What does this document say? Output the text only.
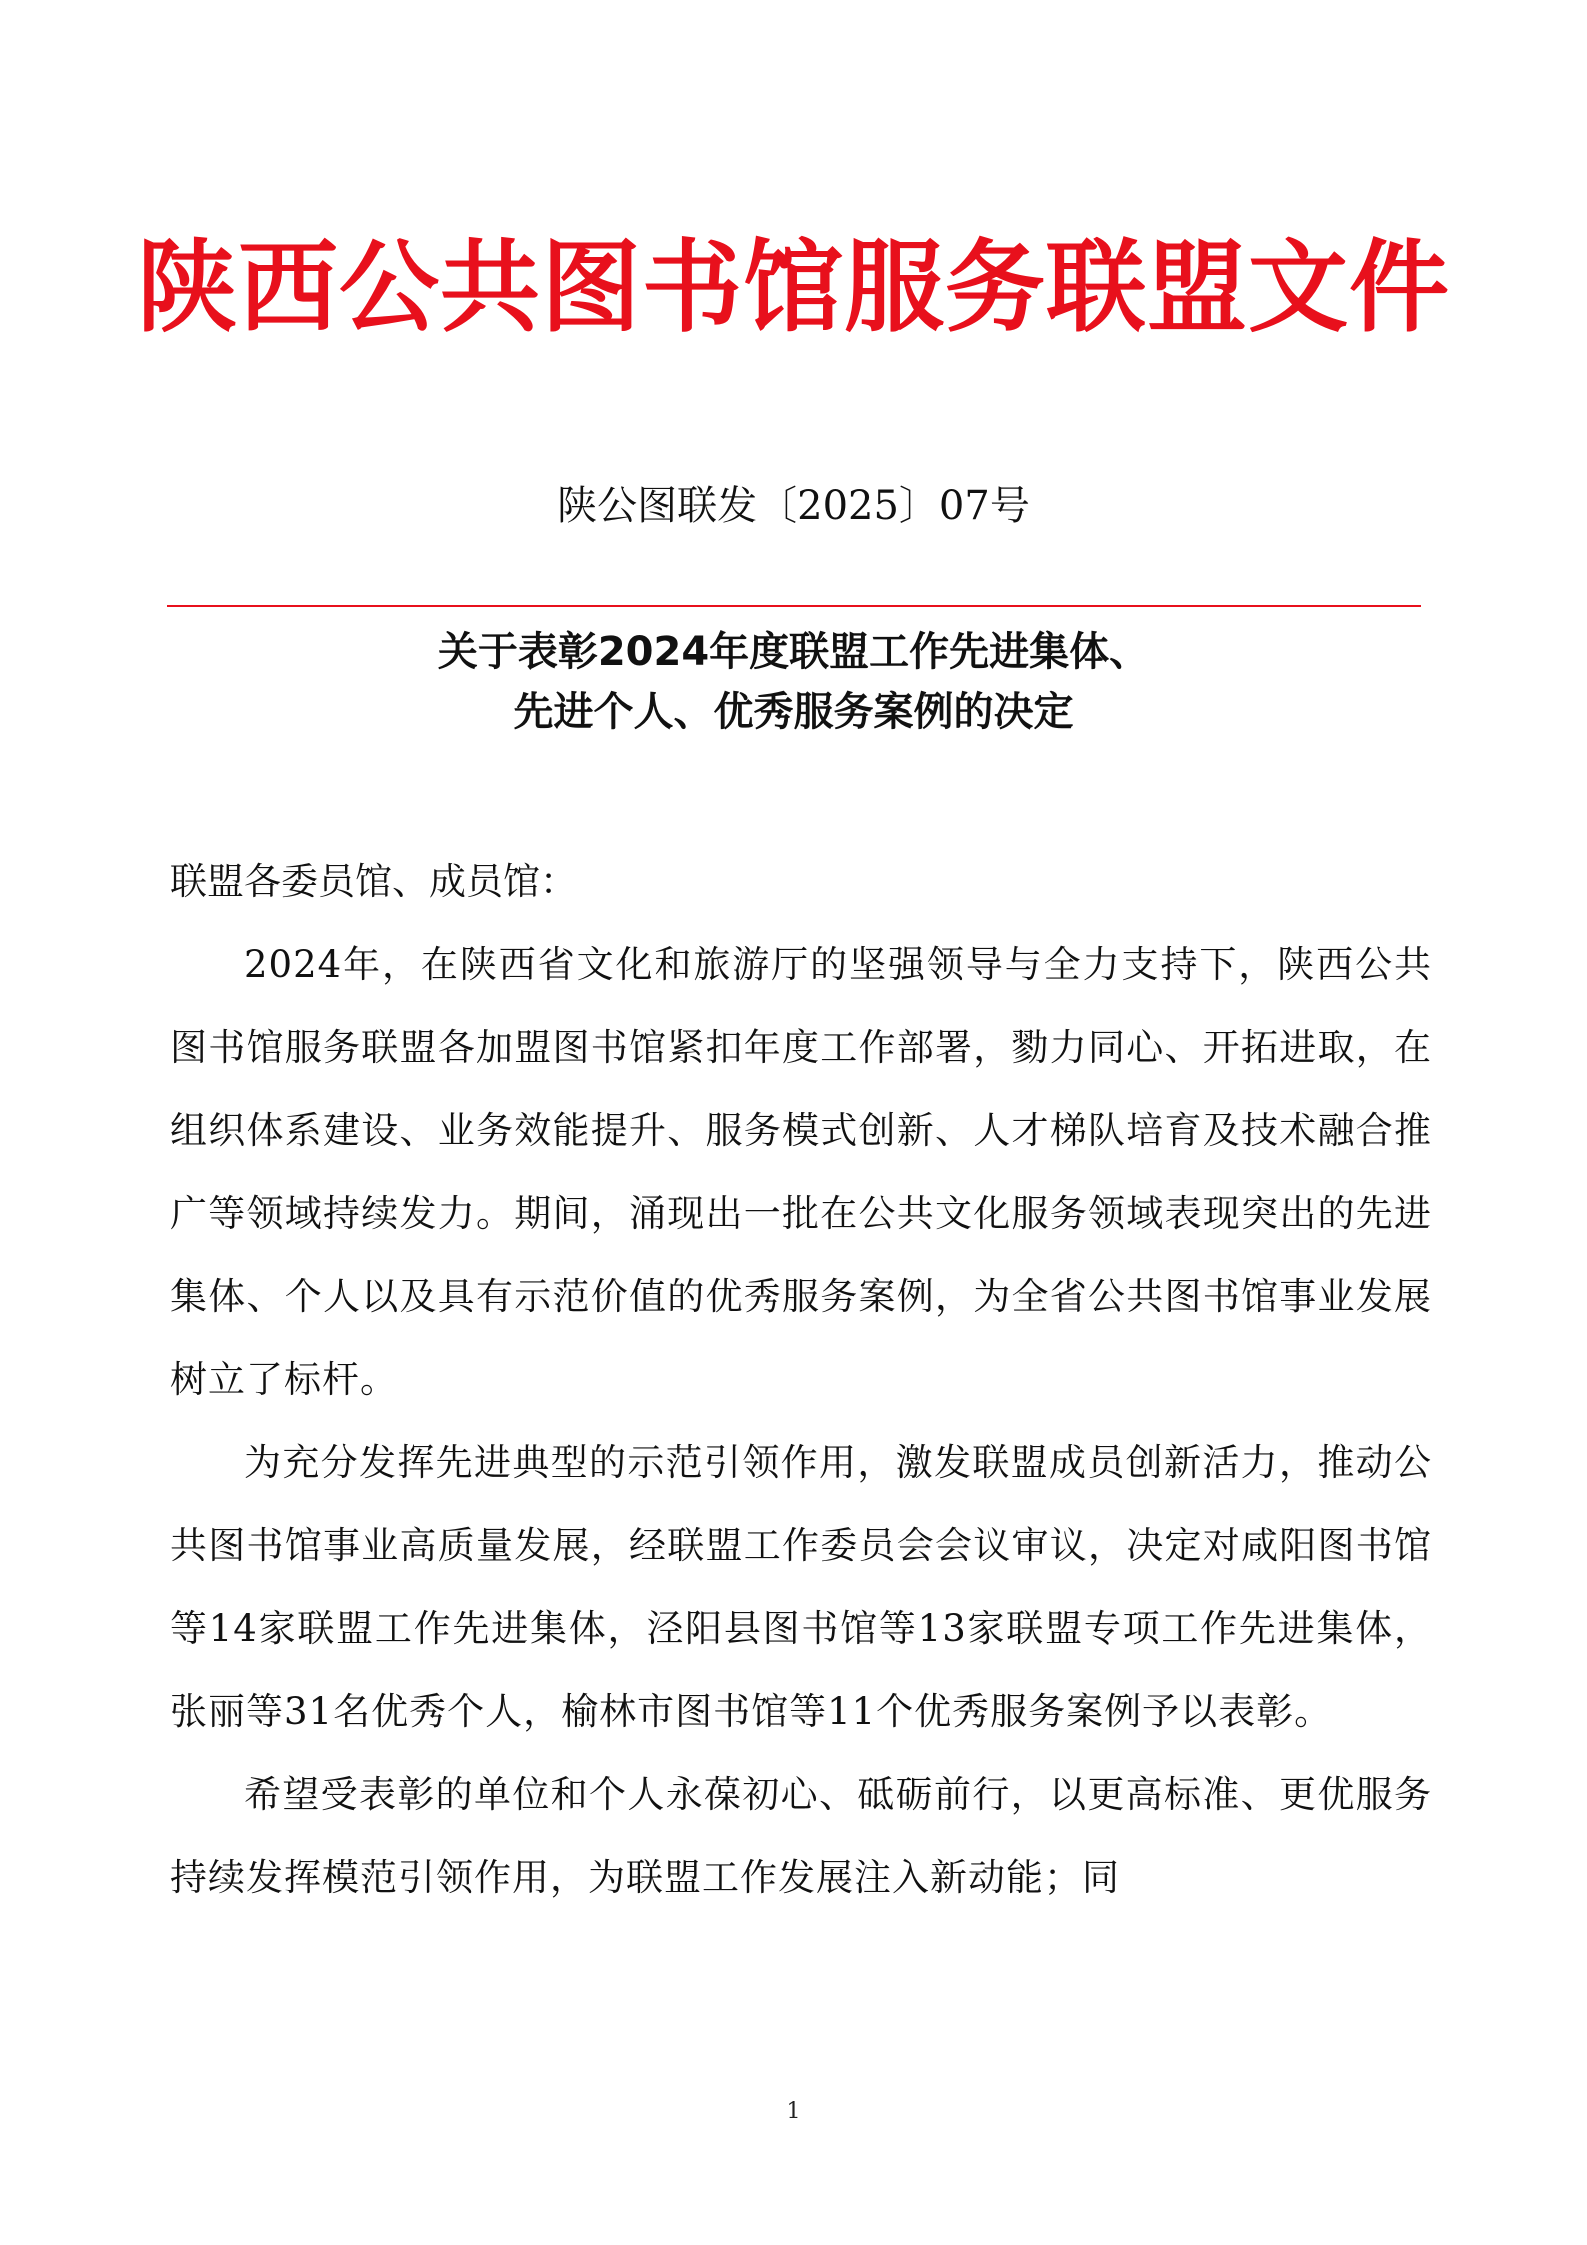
陕西公共图书馆服务联盟文件
陕公图联发〔2025〕07号
关于表彰2024年度联盟工作先进集体、
先进个人、优秀服务案例的决定

联盟各委员馆、成员馆：

2024年，在陕西省文化和旅游厅的坚强领导与全力支持下，陕西公共图书馆服务联盟各加盟图书馆紧扣年度工作部署，勠力同心、开拓进取，在组织体系建设、业务效能提升、服务模式创新、人才梯队培育及技术融合推广等领域持续发力。期间，涌现出一批在公共文化服务领域表现突出的先进集体、个人以及具有示范价值的优秀服务案例，为全省公共图书馆事业发展树立了标杆。

为充分发挥先进典型的示范引领作用，激发联盟成员创新活力，推动公共图书馆事业高质量发展，经联盟工作委员会会议审议，决定对咸阳图书馆等14家联盟工作先进集体，泾阳县图书馆等13家联盟专项工作先进集体，张丽等31名优秀个人，榆林市图书馆等11个优秀服务案例予以表彰。

希望受表彰的单位和个人永葆初心、砥砺前行，以更高标准、更优服务持续发挥模范引领作用，为联盟工作发展注入新动能；同

1
